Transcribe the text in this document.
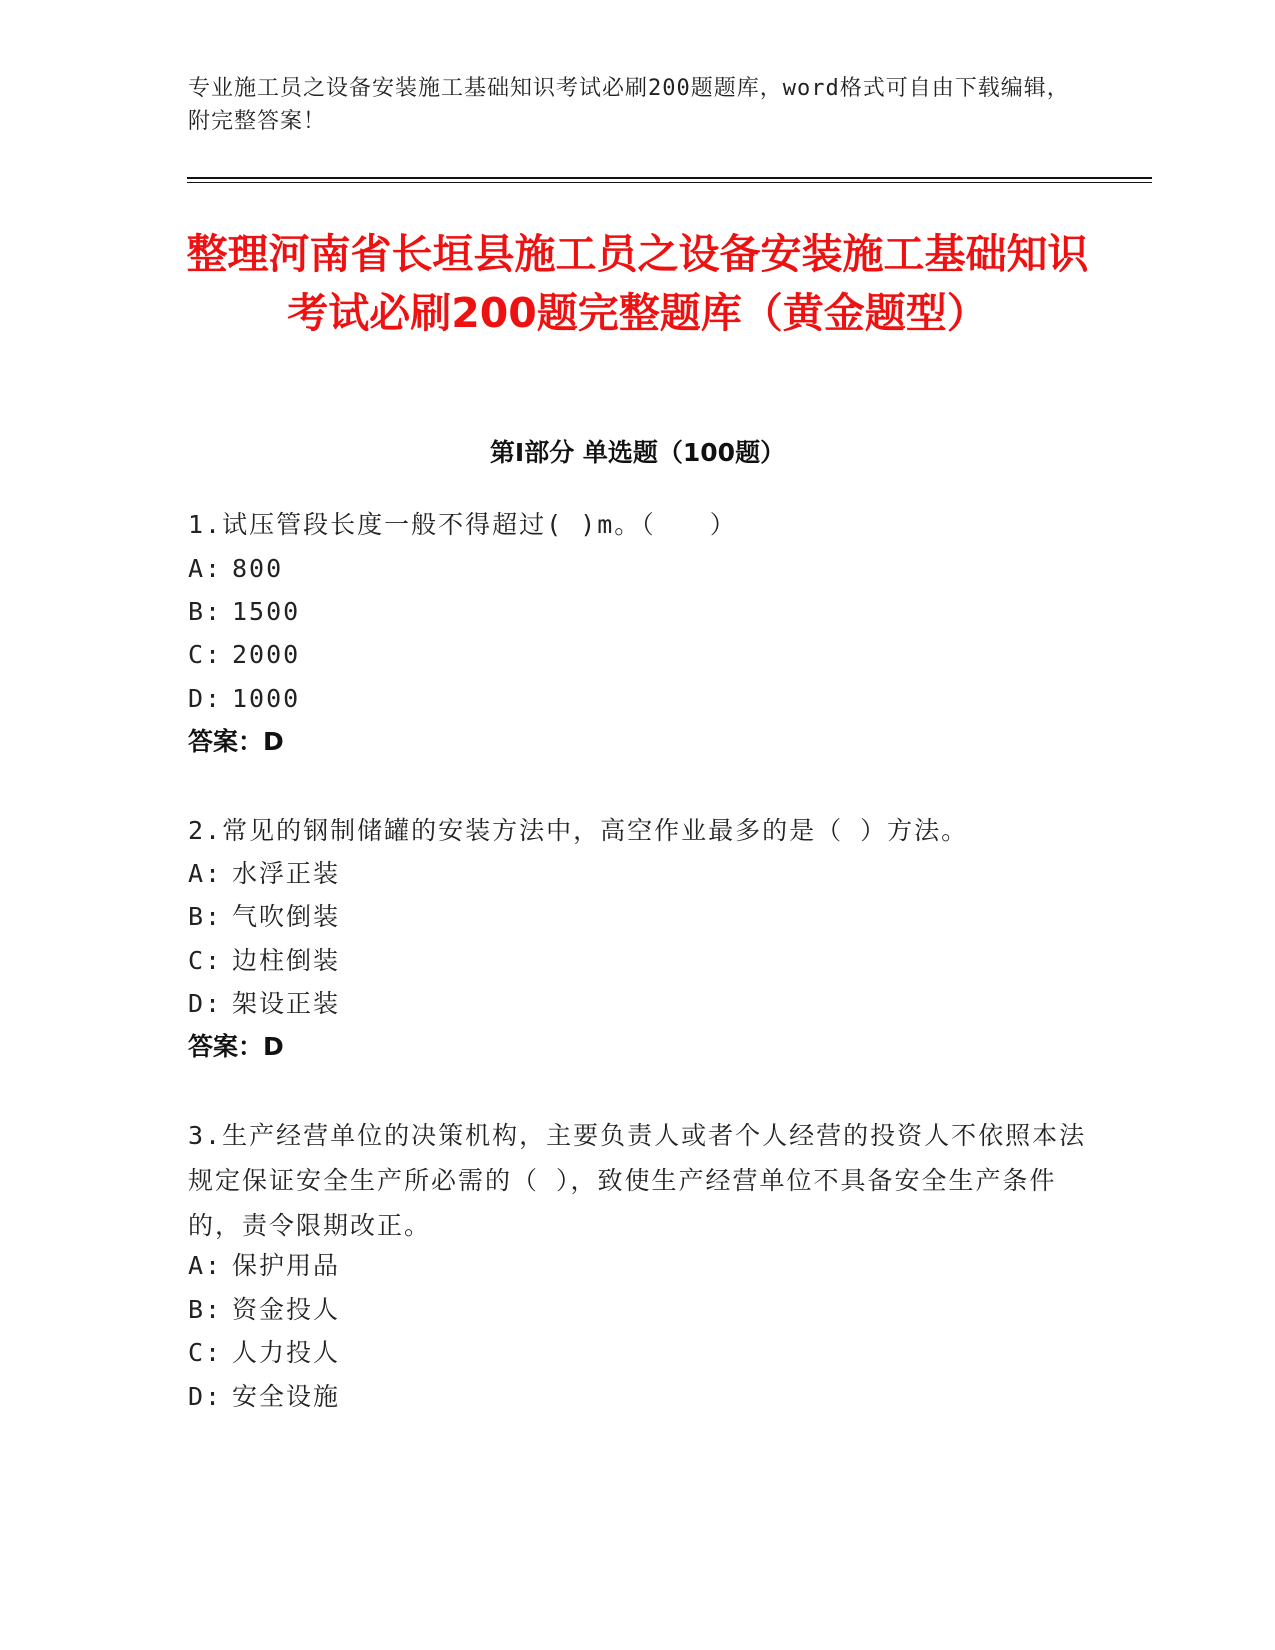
专业施工员之设备安装施工基础知识考试必刷200题题库，word格式可自由下载编辑，附完整答案！
整理河南省长垣县施工员之设备安装施工基础知识考试必刷200题完整题库（黄金题型）
第I部分 单选题（100题）
1.试压管段长度一般不得超过( )m。（　　）
A: 800
B: 1500
C: 2000
D: 1000
答案：D
2.常见的钢制储罐的安装方法中，高空作业最多的是（ ）方法。
A: 水浮正装
B: 气吹倒装
C: 边柱倒装
D: 架设正装
答案：D
3.生产经营单位的决策机构，主要负责人或者个人经营的投资人不依照本法规定保证安全生产所必需的（ ），致使生产经营单位不具备安全生产条件的，责令限期改正。
A: 保护用品
B: 资金投人
C: 人力投人
D: 安全设施
